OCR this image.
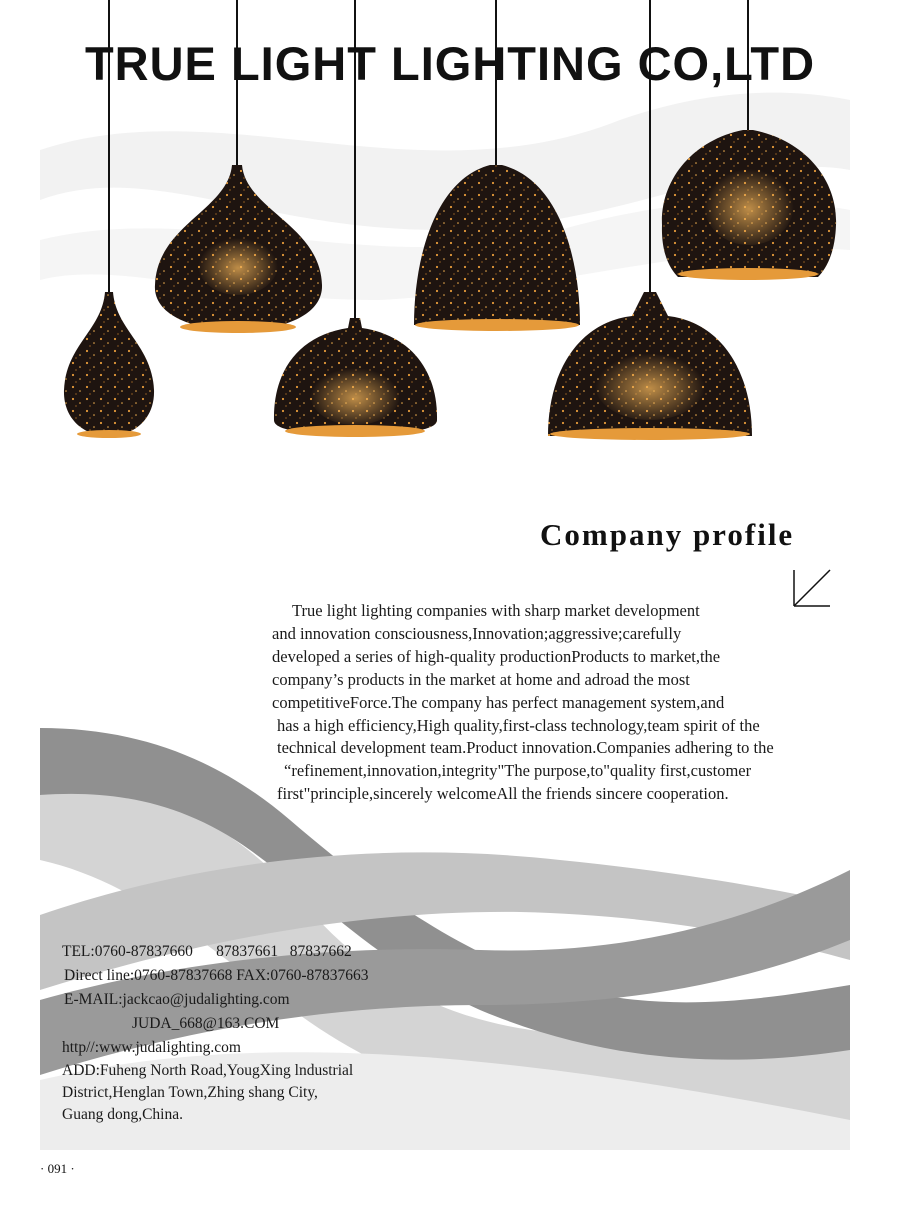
TRUE LIGHT LIGHTING CO,LTD
Company profile
True light lighting companies with sharp market development
and innovation consciousness,Innovation;aggressive;carefully
developed a series of high-quality productionProducts to market,the
company’s products in the market at home and adroad the most
competitiveForce.The company has perfect management system,and
has a high efficiency,High quality,first-class technology,team spirit of the
technical development team.Product innovation.Companies adhering to the
“refinement,innovation,integrity"The purpose,to"quality first,customer
first"principle,sincerely welcomeAll the friends sincere cooperation.
TEL:0760-87837660      87837661   87837662
Direct line:0760-87837668 FAX:0760-87837663
E-MAIL:jackcao@judalighting.com
JUDA_668@163.COM
http//:www.judalighting.com
ADD:Fuheng North Road,YougXing lndustrial
District,Henglan Town,Zhing shang City,
Guang dong,China.
· 091 ·
